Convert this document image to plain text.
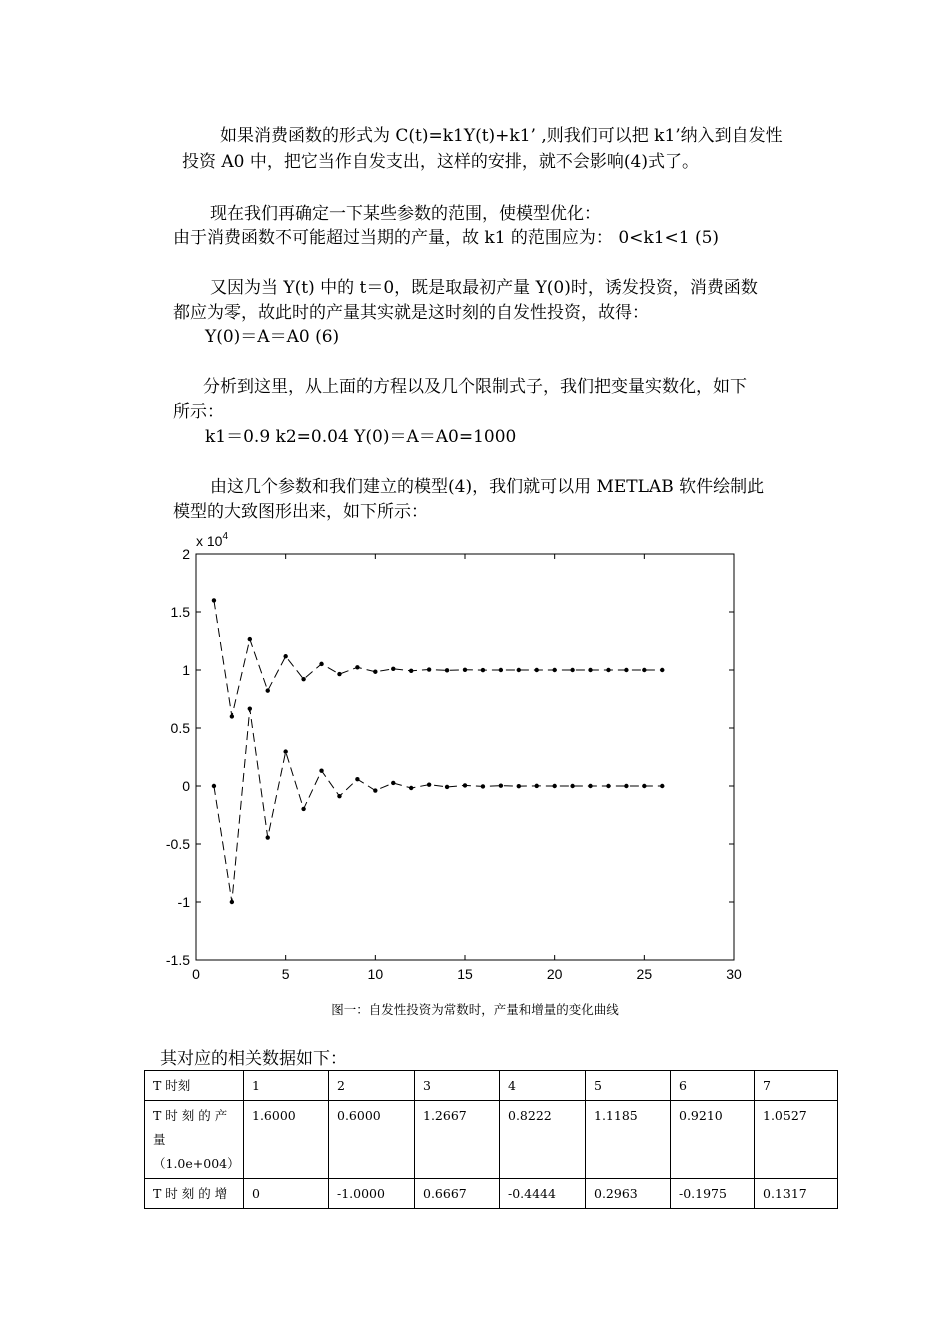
如果消费函数的形式为 C(t)=k1Y(t)+k1’ ,则我们可以把 k1’纳入到自发性
投资 A0 中，把它当作自发支出，这样的安排，就不会影响(4)式了。
现在我们再确定一下某些参数的范围，使模型优化：
由于消费函数不可能超过当期的产量，故 k1 的范围应为： 0<k1<1 (5)
又因为当 Y(t) 中的 t＝0，既是取最初产量 Y(0)时，诱发投资，消费函数
都应为零，故此时的产量其实就是这时刻的自发性投资，故得：
Y(0)＝A＝A0 (6)
分析到这里，从上面的方程以及几个限制式子，我们把变量实数化，如下
所示：
k1＝0.9 k2=0.04 Y(0)＝A＝A0=1000
由这几个参数和我们建立的模型(4)，我们就可以用 METLAB 软件绘制此
模型的大致图形出来，如下所示：
x $10^4$
0	5	10	15	20	25	30
2
1.5
1
0.5
0
-0.5
-1
-1.5
图一：自发性投资为常数时，产量和增量的变化曲线
其对应的相关数据如下：
T 时刻	1	2	3	4	5	6	7

T 时 刻 的 产
量
（1.0e+004）	1.6000	0.6000	1.2667	0.8222	1.1185	0.9210	1.0527
T 时 刻 的 增	0	-1.0000	0.6667	-0.4444	0.2963	-0.1975	0.1317
